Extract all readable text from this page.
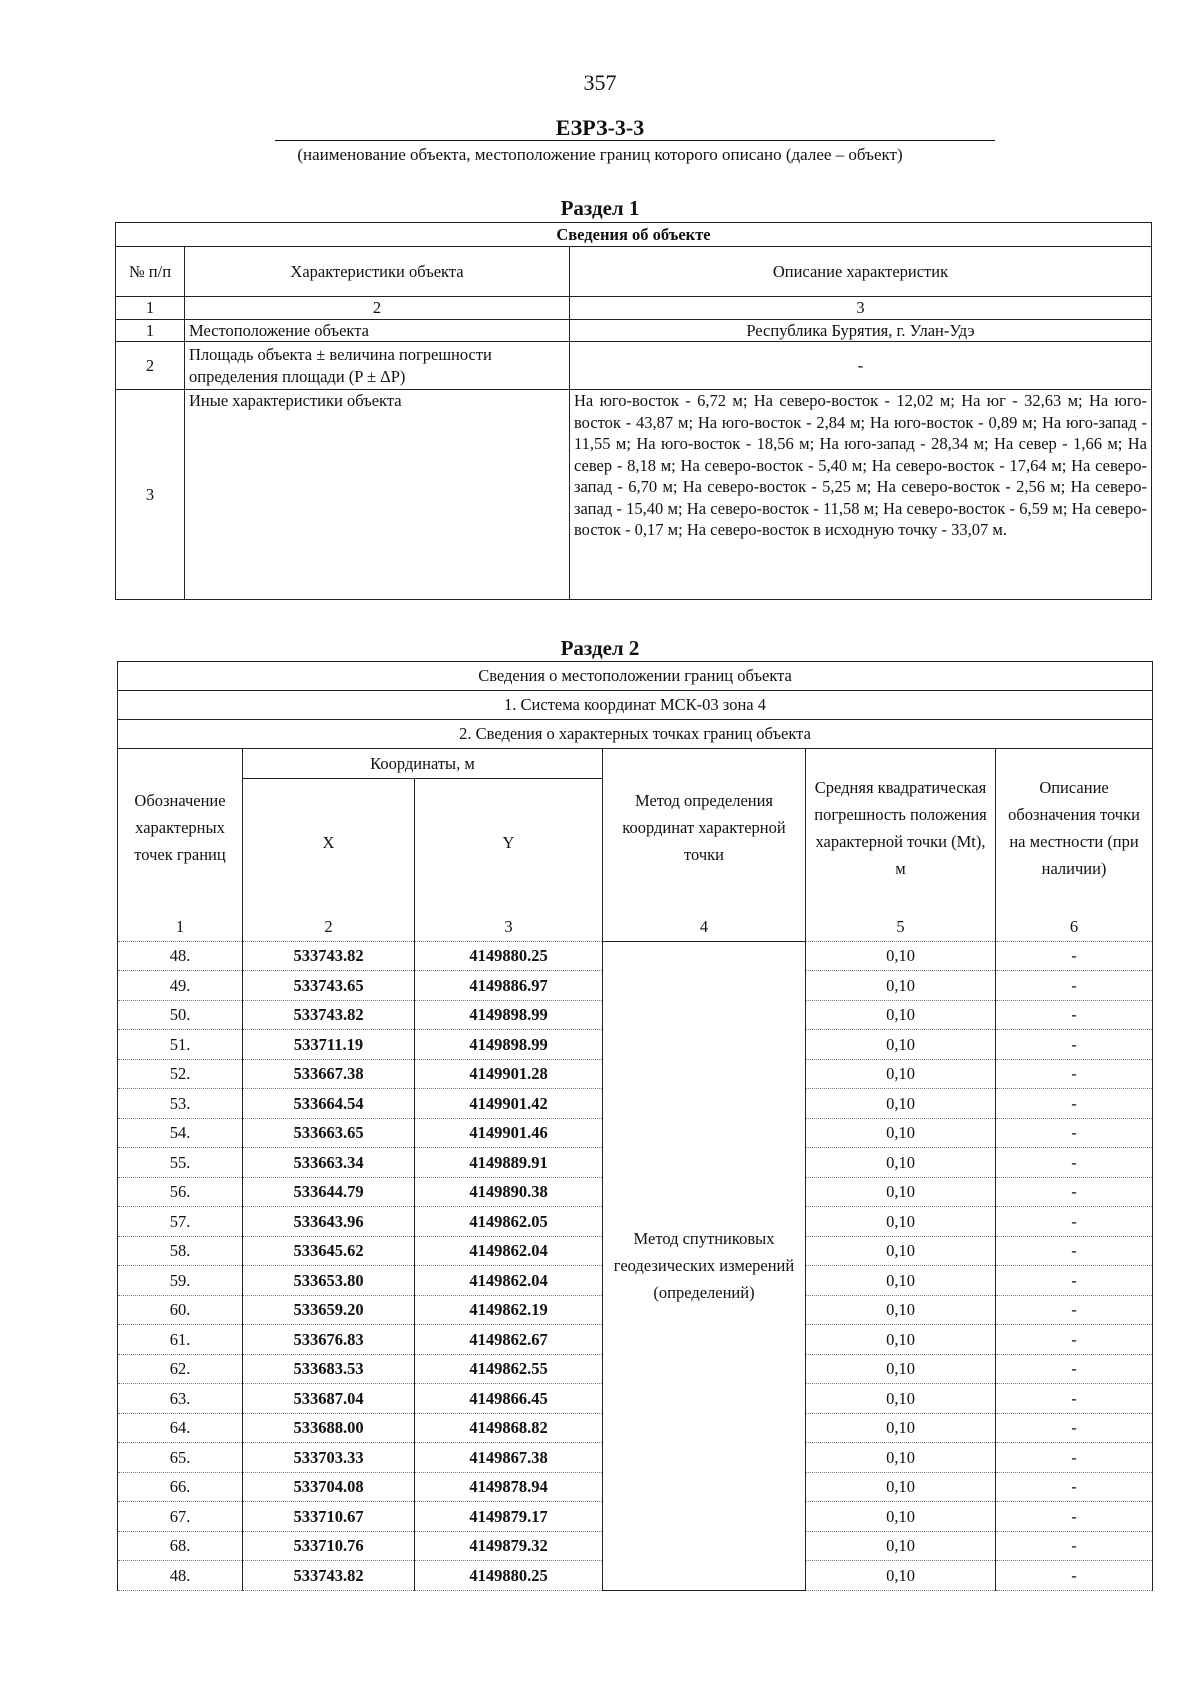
357
ЕЗРЗ-3-3
(наименование объекта, местоположение границ которого описано (далее – объект)
Раздел 1
Сведения об объекте		
№ п/п	Характеристики объекта	Описание характеристик
1	2	3
1	Местоположение объекта	Республика Бурятия, г. Улан-Удэ
2	Площадь объекта ± величина погрешности определения площади (P ± ΔP)	-
3	Иные характеристики объекта	На юго-восток - 6,72 м; На северо-восток - 12,02 м; На юг - 32,63 м; На юго-восток - 43,87 м; На юго-восток - 2,84 м; На юго-восток - 0,89 м; На юго-запад - 11,55 м; На юго-восток - 18,56 м; На юго-запад - 28,34 м; На север - 1,66 м; На север - 8,18 м; На северо-восток - 5,40 м; На северо-восток - 17,64 м; На северо-запад - 6,70 м; На северо-восток - 5,25 м; На северо-восток - 2,56 м; На северо-запад - 15,40 м; На северо-восток - 11,58 м; На северо-восток - 6,59 м; На северо-восток - 0,17 м; На северо-восток в исходную точку - 33,07 м.
Раздел 2
Сведения о местоположении границ объекта					
1. Система координат МСК-03 зона 4					
2. Сведения о характерных точках границ объекта					
Обозначение характерных точек границ	Координаты, м		Метод определения координат характерной точки	Средняя квадратическая погрешность положения характерной точки (Mt), м	Описание обозначения точки на местности (при наличии)
	X	Y			
1	2	3	4	5	6
48.	533743.82	4149880.25	Метод спутниковых геодезических измерений (определений)	0,10	-
49.	533743.65	4149886.97		0,10	-
50.	533743.82	4149898.99		0,10	-
51.	533711.19	4149898.99		0,10	-
52.	533667.38	4149901.28		0,10	-
53.	533664.54	4149901.42		0,10	-
54.	533663.65	4149901.46		0,10	-
55.	533663.34	4149889.91		0,10	-
56.	533644.79	4149890.38		0,10	-
57.	533643.96	4149862.05		0,10	-
58.	533645.62	4149862.04		0,10	-
59.	533653.80	4149862.04		0,10	-
60.	533659.20	4149862.19		0,10	-
61.	533676.83	4149862.67		0,10	-
62.	533683.53	4149862.55		0,10	-
63.	533687.04	4149866.45		0,10	-
64.	533688.00	4149868.82		0,10	-
65.	533703.33	4149867.38		0,10	-
66.	533704.08	4149878.94		0,10	-
67.	533710.67	4149879.17		0,10	-
68.	533710.76	4149879.32		0,10	-
48.	533743.82	4149880.25		0,10	-
